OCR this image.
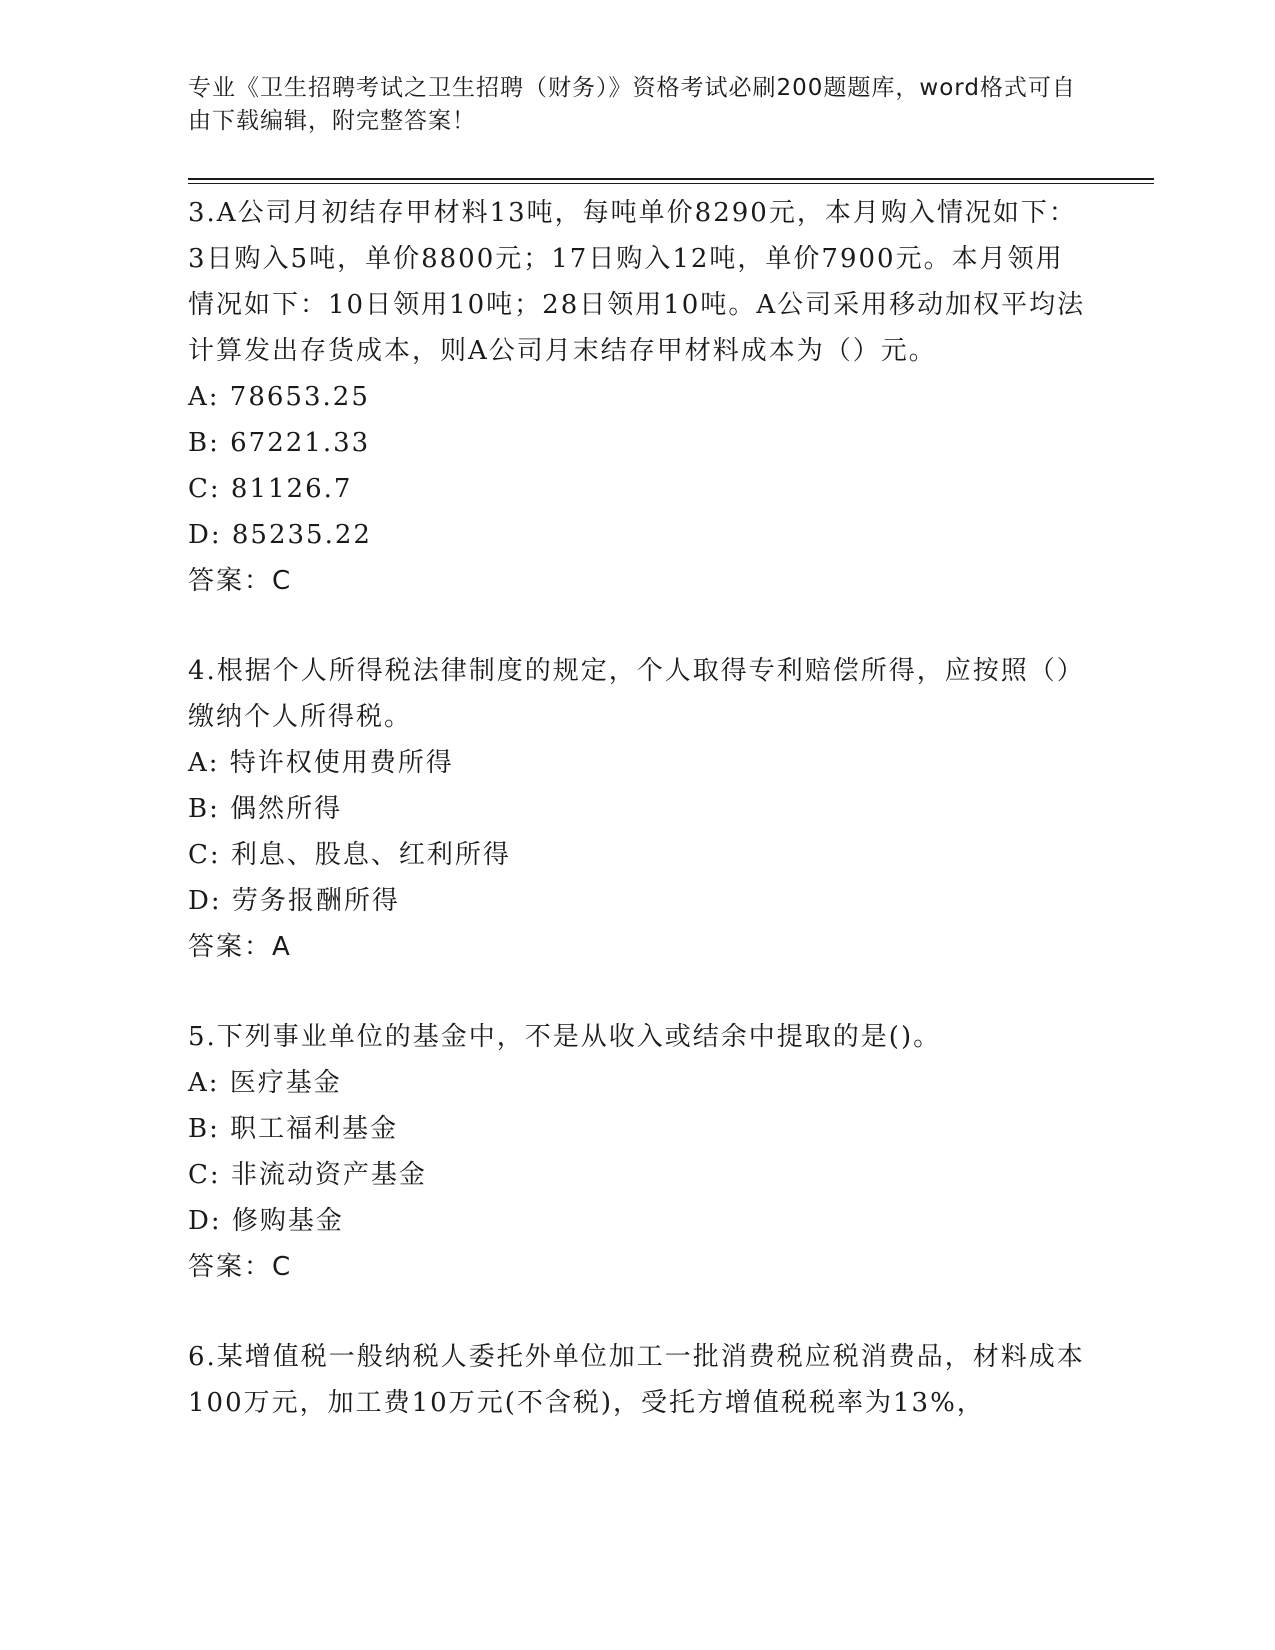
专业《卫生招聘考试之卫生招聘（财务）》资格考试必刷200题题库，word格式可自由下载编辑，附完整答案！

3.A公司月初结存甲材料13吨，每吨单价8290元，本月购入情况如下：3日购入5吨，单价8800元；17日购入12吨，单价7900元。本月领用情况如下：10日领用10吨；28日领用10吨。A公司采用移动加权平均法计算发出存货成本，则A公司月末结存甲材料成本为（）元。

A: 78653.25

B: 67221.33

C: 81126.7

D: 85235.22

答案：C

4.根据个人所得税法律制度的规定，个人取得专利赔偿所得，应按照（）缴纳个人所得税。

A: 特许权使用费所得

B: 偶然所得

C: 利息、股息、红利所得

D: 劳务报酬所得

答案：A

5.下列事业单位的基金中，不是从收入或结余中提取的是()。

A: 医疗基金

B: 职工福利基金

C: 非流动资产基金

D: 修购基金

答案：C

6.某增值税一般纳税人委托外单位加工一批消费税应税消费品，材料成本100万元，加工费10万元(不含税)，受托方增值税税率为13%，
